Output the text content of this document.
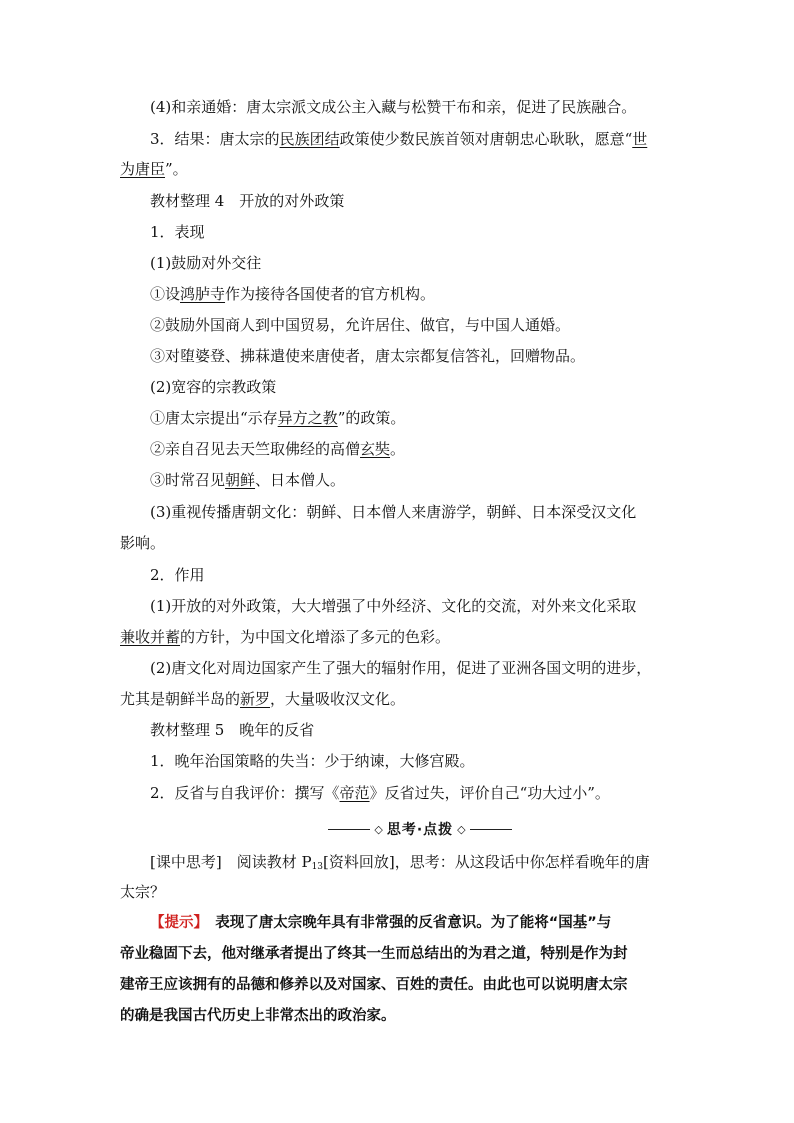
(4)和亲通婚：唐太宗派文成公主入藏与松赞干布和亲，促进了民族融合。
3．结果：唐太宗的民族团结政策使少数民族首领对唐朝忠心耿耿，愿意“世
为唐臣”。
教材整理 4　开放的对外政策
1．表现
(1)鼓励对外交往
①设鸿胪寺作为接待各国使者的官方机构。
②鼓励外国商人到中国贸易，允许居住、做官，与中国人通婚。
③对堕婆登、拂菻遣使来唐使者，唐太宗都复信答礼，回赠物品。
(2)宽容的宗教政策
①唐太宗提出“示存异方之教”的政策。
②亲自召见去天竺取佛经的高僧玄奘。
③时常召见朝鲜、日本僧人。
(3)重视传播唐朝文化：朝鲜、日本僧人来唐游学，朝鲜、日本深受汉文化
影响。
2．作用
(1)开放的对外政策，大大增强了中外经济、文化的交流，对外来文化采取
兼收并蓄的方针，为中国文化增添了多元的色彩。
(2)唐文化对周边国家产生了强大的辐射作用，促进了亚洲各国文明的进步，
尤其是朝鲜半岛的新罗，大量吸收汉文化。
教材整理 5　晚年的反省
1．晚年治国策略的失当：少于纳谏，大修宫殿。
2．反省与自我评价：撰写《帝范》反省过失，评价自己“功大过小”。
◇ 思考·点拨 ◇
[课中思考]　阅读教材 $P_{13}$[资料回放]，思考：从这段话中你怎样看晚年的唐
太宗？
【提示】　表现了唐太宗晚年具有非常强的反省意识。为了能将“国基”与
帝业稳固下去，他对继承者提出了终其一生而总结出的为君之道，特别是作为封
建帝王应该拥有的品德和修养以及对国家、百姓的责任。由此也可以说明唐太宗
的确是我国古代历史上非常杰出的政治家。
